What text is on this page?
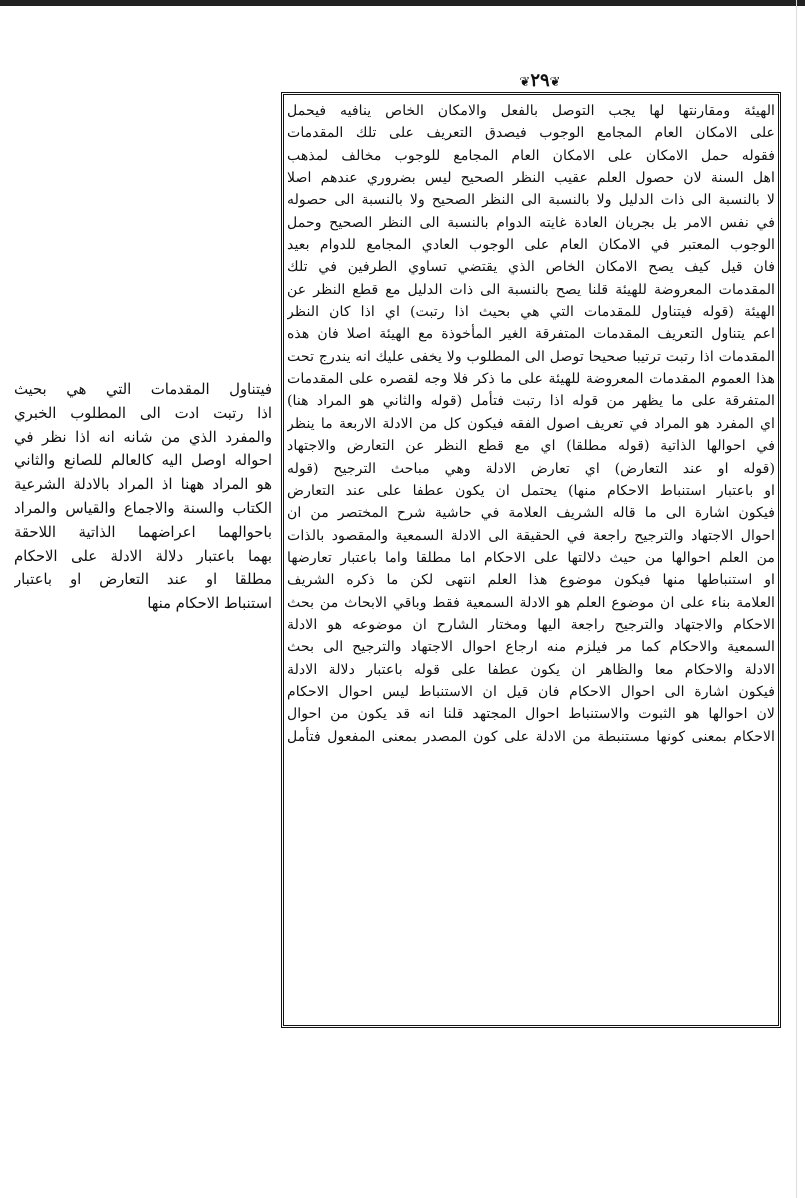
❦ ٢٩ ❦
الهيئة ومقارنتها لها يجب التوصل بالفعل والامكان الخاص ينافيه فيحمل
على الامكان العام المجامع الوجوب فيصدق التعريف على تلك المقدمات
فقوله حمل الامكان على الامكان العام المجامع للوجوب مخالف لمذهب
اهل السنة لان حصول العلم عقيب النظر الصحيح ليس بضروري عندهم اصلا
لا بالنسبة الى ذات الدليل ولا بالنسبة الى النظر الصحيح ولا بالنسبة الى حصوله
في نفس الامر بل بجريان العادة غايته الدوام بالنسبة الى النظر الصحيح وحمل
الوجوب المعتبر في الامكان العام على الوجوب العادي المجامع للدوام بعيد
فان قيل كيف يصح الامكان الخاص الذي يقتضي تساوي الطرفين في تلك
المقدمات المعروضة للهيئة قلنا يصح بالنسبة الى ذات الدليل مع قطع النظر عن
الهيئة (قوله فيتناول للمقدمات التي هي بحيث اذا رتبت) اي اذا كان النظر
اعم يتناول التعريف المقدمات المتفرقة الغير المأخوذة مع الهيئة اصلا فان هذه
المقدمات اذا رتبت ترتيبا صحيحا توصل الى المطلوب ولا يخفى عليك انه يندرج تحت
هذا العموم المقدمات المعروضة للهيئة على ما ذكر فلا وجه لقصره على المقدمات
المتفرقة على ما يظهر من قوله اذا رتبت فتأمل (قوله والثاني هو المراد هنا)
اي المفرد هو المراد في تعريف اصول الفقه فيكون كل من الادلة الاربعة ما ينظر
في احوالها الذاتية (قوله مطلقا) اي مع قطع النظر عن التعارض والاجتهاد
(قوله او عند التعارض) اي تعارض الادلة وهي مباحث الترجيح (قوله
او باعتبار استنباط الاحكام منها) يحتمل ان يكون عطفا على عند التعارض
فيكون اشارة الى ما قاله الشريف العلامة في حاشية شرح المختصر من ان
احوال الاجتهاد والترجيح راجعة في الحقيقة الى الادلة السمعية والمقصود بالذات
من العلم احوالها من حيث دلالتها على الاحكام اما مطلقا واما باعتبار تعارضها
او استنباطها منها فيكون موضوع هذا العلم انتهى لكن ما ذكره الشريف
العلامة بناء على ان موضوع العلم هو الادلة السمعية فقط وباقي الابحاث من بحث
الاحكام والاجتهاد والترجيح راجعة اليها ومختار الشارح ان موضوعه هو الادلة
السمعية والاحكام كما مر فيلزم منه ارجاع احوال الاجتهاد والترجيح الى بحث
الادلة والاحكام معا والظاهر ان يكون عطفا على قوله باعتبار دلالة الادلة
فيكون اشارة الى احوال الاحكام فان قيل ان الاستنباط ليس احوال الاحكام
لان احوالها هو الثبوت والاستنباط احوال المجتهد قلنا انه قد يكون من احوال
الاحكام بمعنى كونها مستنبطة من الادلة على كون المصدر بمعنى المفعول فتأمل
فيتناول المقدمات التي هي بحيث
اذا رتبت ادت الى المطلوب الخبري
والمفرد الذي من شانه انه اذا نظر في
احواله اوصل اليه كالعالم للصانع والثاني
هو المراد ههنا اذ المراد بالادلة الشرعية
الكتاب والسنة والاجماع والقياس والمراد
باحوالهما اعراضهما الذاتية اللاحقة
بهما باعتبار دلالة الادلة على الاحكام
مطلقا او عند التعارض او باعتبار
استنباط الاحكام منها
